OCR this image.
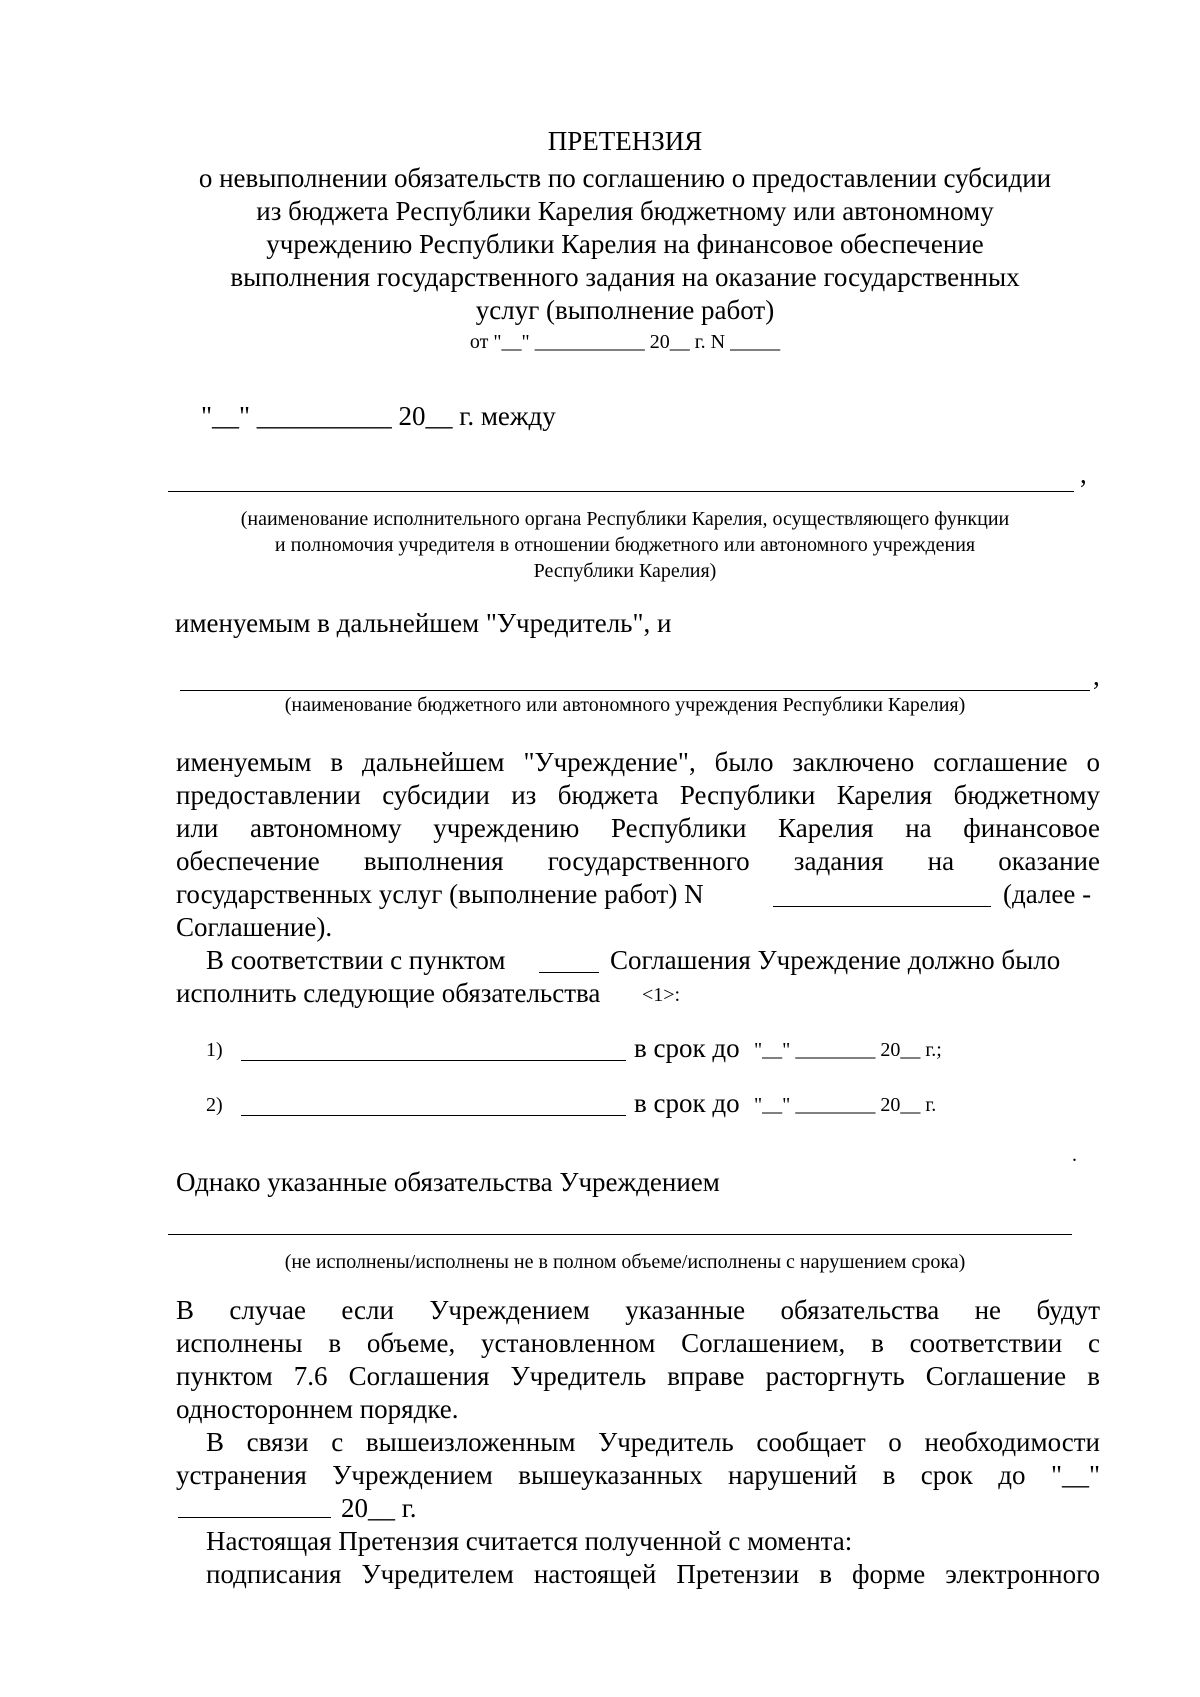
ПРЕТЕНЗИЯ
о невыполнении обязательств по соглашению о предоставлении субсидии
из бюджета Республики Карелия бюджетному или автономному
учреждению Республики Карелия на финансовое обеспечение
выполнения государственного задания на оказание государственных
услуг (выполнение работ)
от "__" ___________ 20__ г. N _____
"__" __________ 20__ г. между
,
(наименование исполнительного органа Республики Карелия, осуществляющего функции
и полномочия учредителя в отношении бюджетного или автономного учреждения
Республики Карелия)
именуемым в дальнейшем "Учредитель", и
,
(наименование бюджетного или автономного учреждения Республики Карелия)
именуемым в дальнейшем "Учреждение", было заключено соглашение о
предоставлении субсидии из бюджета Республики Карелия бюджетному
или автономному учреждению Республики Карелия на финансовое
обеспечение выполнения государственного задания на оказание
государственных услуг (выполнение работ) N	(далее -
Соглашение).
В соответствии с пунктом	Соглашения Учреждение должно было
исполнить следующие обязательства <1>:
1)	в срок до "__" ________ 20__ г.;
2)	в срок до "__" ________ 20__ г.
.
Однако указанные обязательства Учреждением
(не исполнены/исполнены не в полном объеме/исполнены с нарушением срока)
В случае если Учреждением указанные обязательства не будут
исполнены в объеме, установленном Соглашением, в соответствии с
пунктом 7.6 Соглашения Учредитель вправе расторгнуть Соглашение в
одностороннем порядке.
В связи с вышеизложенным Учредитель сообщает о необходимости
устранения Учреждением вышеуказанных нарушений в срок до "__"
20__ г.
Настоящая Претензия считается полученной с момента:
подписания Учредителем настоящей Претензии в форме электронного
